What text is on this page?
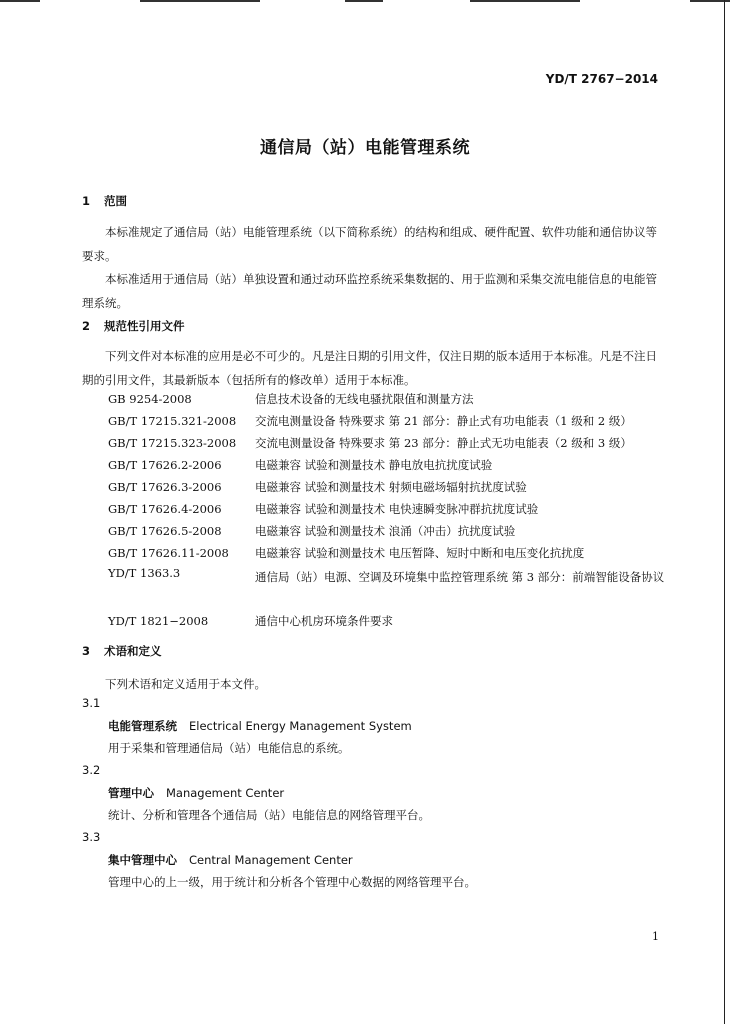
YD/T 2767−2014
通信局（站）电能管理系统
1 范围

本标准规定了通信局（站）电能管理系统（以下简称系统）的结构和组成、硬件配置、软件功能和通信协议等要求。

本标准适用于通信局（站）单独设置和通过动环监控系统采集数据的、用于监测和采集交流电能信息的电能管理系统。

2 规范性引用文件

下列文件对本标准的应用是必不可少的。凡是注日期的引用文件，仅注日期的版本适用于本标准。凡是不注日期的引用文件，其最新版本（包括所有的修改单）适用于本标准。

GB 9254-2008	信息技术设备的无线电骚扰限值和测量方法
GB/T 17215.321-2008	交流电测量设备 特殊要求 第 21 部分：静止式有功电能表（1 级和 2 级）
GB/T 17215.323-2008	交流电测量设备 特殊要求 第 23 部分：静止式无功电能表（2 级和 3 级）
GB/T 17626.2-2006	电磁兼容 试验和测量技术 静电放电抗扰度试验
GB/T 17626.3-2006	电磁兼容 试验和测量技术 射频电磁场辐射抗扰度试验
GB/T 17626.4-2006	电磁兼容 试验和测量技术 电快速瞬变脉冲群抗扰度试验
GB/T 17626.5-2008	电磁兼容 试验和测量技术 浪涌（冲击）抗扰度试验
GB/T 17626.11-2008	电磁兼容 试验和测量技术 电压暂降、短时中断和电压变化抗扰度
YD/T 1363.3	通信局（站）电源、空调及环境集中监控管理系统 第 3 部分：前端智能设备协议
YD/T 1821−2008	通信中心机房环境条件要求
3 术语和定义

下列术语和定义适用于本文件。

3.1
电能管理系统 Electrical Energy Management System
用于采集和管理通信局（站）电能信息的系统。
3.2
管理中心 Management Center
统计、分析和管理各个通信局（站）电能信息的网络管理平台。
3.3
集中管理中心 Central Management Center
管理中心的上一级，用于统计和分析各个管理中心数据的网络管理平台。
1
